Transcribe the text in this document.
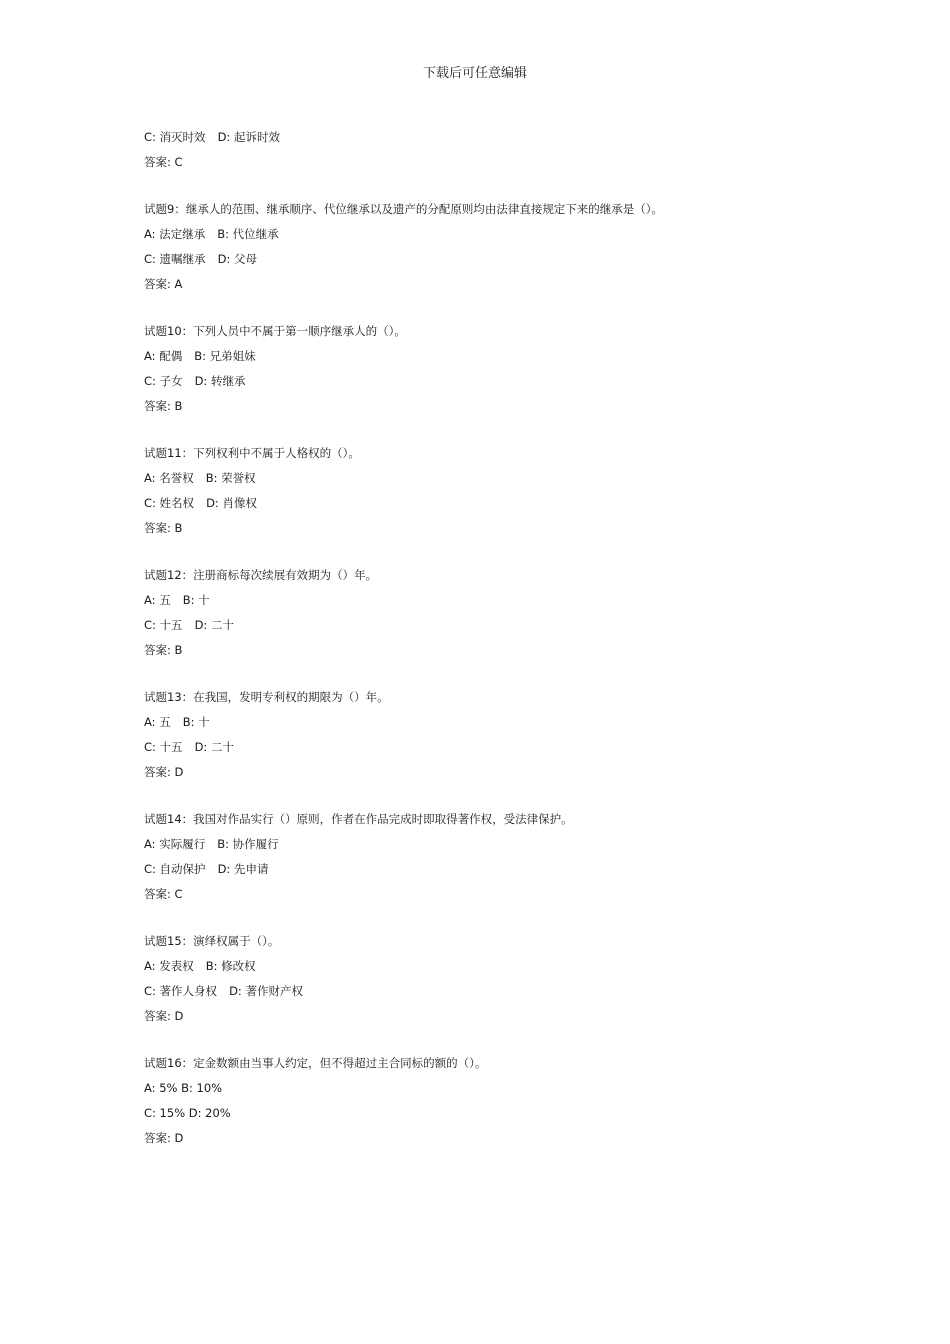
下载后可任意编辑
C: 消灭时效 D: 起诉时效
答案: C
试题9：继承人的范围、继承顺序、代位继承以及遗产的分配原则均由法律直接规定下来的继承是（）。
A: 法定继承 B: 代位继承
C: 遗嘱继承 D: 父母
答案: A
试题10：下列人员中不属于第一顺序继承人的（）。
A: 配偶 B: 兄弟姐妹
C: 子女 D: 转继承
答案: B
试题11：下列权利中不属于人格权的（）。
A: 名誉权 B: 荣誉权
C: 姓名权 D: 肖像权
答案: B
试题12：注册商标每次续展有效期为（）年。
A: 五 B: 十
C: 十五 D: 二十
答案: B
试题13：在我国，发明专利权的期限为（）年。
A: 五 B: 十
C: 十五 D: 二十
答案: D
试题14：我国对作品实行（）原则，作者在作品完成时即取得著作权，受法律保护。
A: 实际履行 B: 协作履行
C: 自动保护 D: 先申请
答案: C
试题15：演绎权属于（）。
A: 发表权 B: 修改权
C: 著作人身权 D: 著作财产权
答案: D
试题16：定金数额由当事人约定，但不得超过主合同标的额的（）。
A: 5% B: 10%
C: 15% D: 20%
答案: D
